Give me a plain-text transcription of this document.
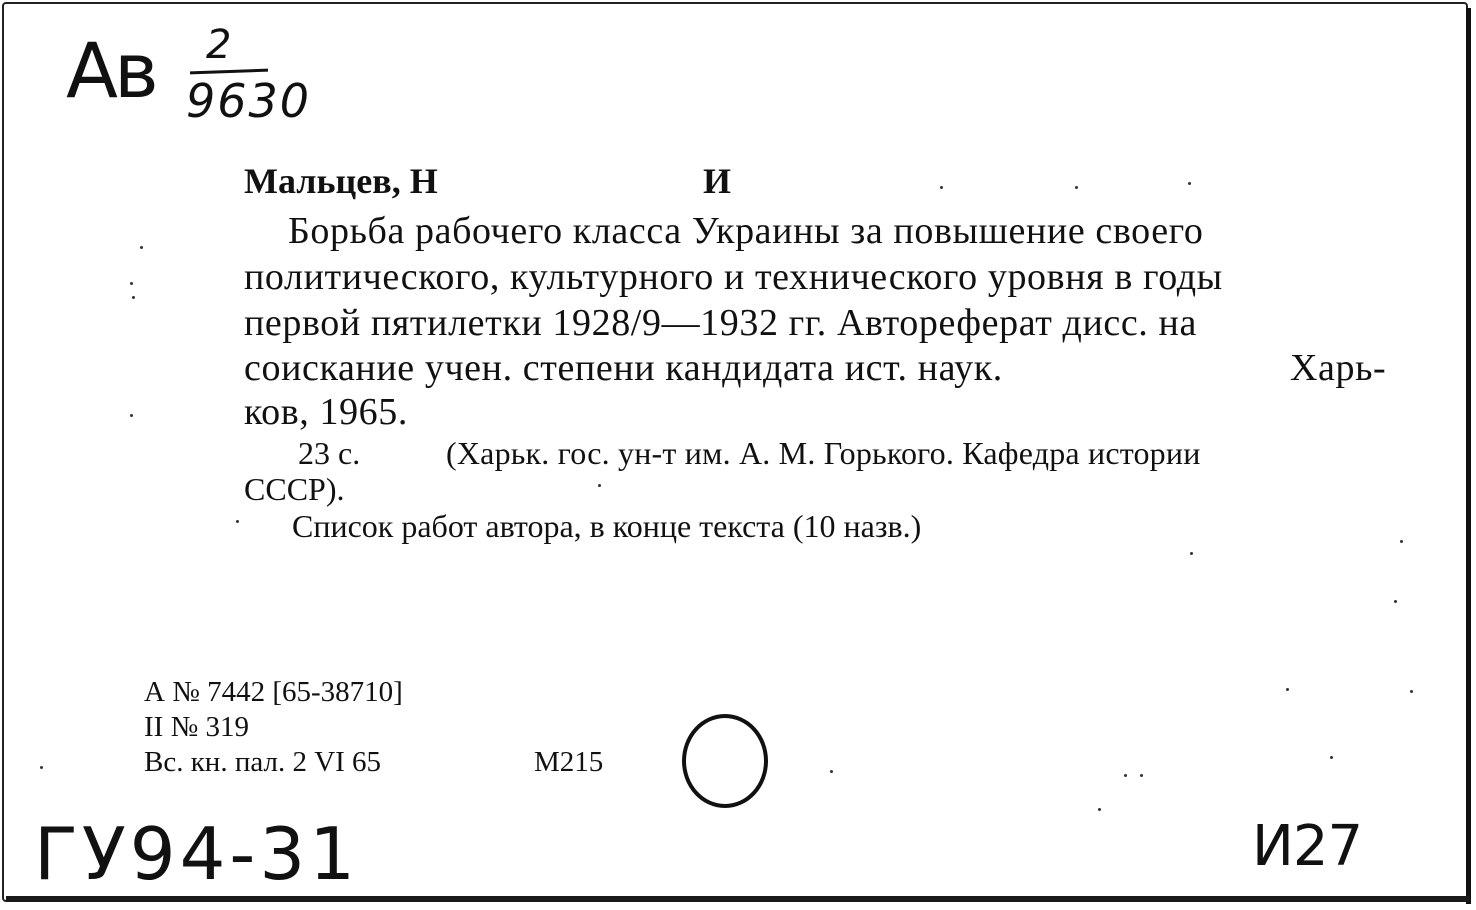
Ав 2
9630
Мальцев, Н	И
Борьба рабочего класса Украины за повышение своего
политического, культурного и технического уровня в годы
первой пятилетки 1928/9—1932 гг. Автореферат дисс. на
соискание учен. степени кандидата ист. наук.	Харь-
ков, 1965.
23 с.	(Харьк. гос. ун-т им. А. М. Горького. Кафедра истории
СССР).
Список работ автора, в конце текста (10 назв.)
А № 7442 [65-38710]
II № 319
Вс. кн. пал. 2 VI 65	М215
ГУ94-31	И27
